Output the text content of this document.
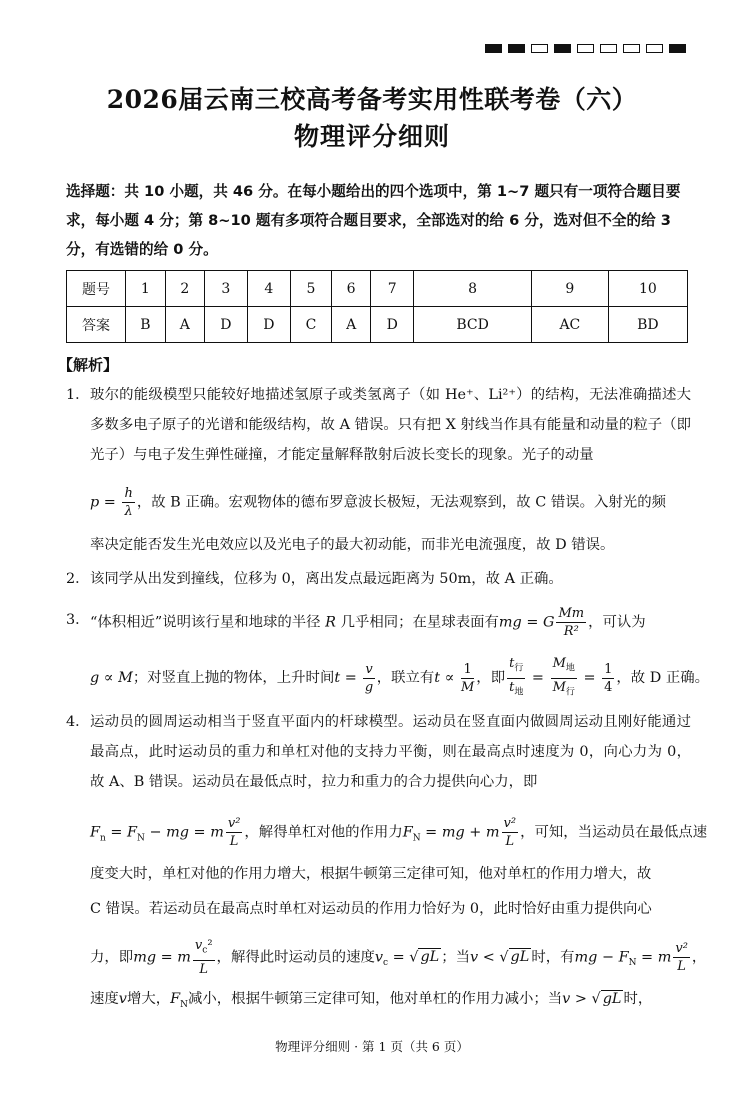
2026届云南三校高考备考实用性联考卷（六）
物理评分细则
选择题：共 10 小题，共 46 分。在每小题给出的四个选项中，第 1~7 题只有一项符合题目要求，每小题 4 分；第 8~10 题有多项符合题目要求，全部选对的给 6 分，选对但不全的给 3 分，有选错的给 0 分。
题号	1	2	3	4	5	6	7	8	9	10
答案	B	A	D	D	C	A	D	BCD	AC	BD
【解析】
1． 玻尔的能级模型只能较好地描述氢原子或类氢离子（如 He⁺、Li²⁺）的结构，无法准确描述大多数多电子原子的光谱和能级结构，故 A 错误。只有把 X 射线当作具有能量和动量的粒子（即光子）与电子发生弹性碰撞，才能定量解释散射后波长变长的现象。光子的动量
$p = \frac{h}{\lambda}$ ，故 B 正确。宏观物体的德布罗意波长极短，无法观察到，故 C 错误。入射光的频
率决定能否发生光电效应以及光电子的最大初动能，而非光电流强度，故 D 错误。
2． 该同学从出发到撞线，位移为 0，离出发点最远距离为 50m，故 A 正确。
3． “体积相近”说明该行星和地球的半径 R 几乎相同；在星球表面有mg = G $\frac{Mm}{\text{R²}}$ ，可认为
g ∝ M；对竖直上抛的物体，上升时间$t = \frac{v}{g}$ ，联立有$t \propto \frac{1}{M}$ ，即 $\frac{t_行}{t_地} = \frac{M_地}{M_行} = \frac{1}{4}$ ，故 D 正确。
4． 运动员的圆周运动相当于竖直平面内的杆球模型。运动员在竖直面内做圆周运动且刚好能通过最高点，此时运动员的重力和单杠对他的支持力平衡，则在最高点时速度为 0，向心力为 0，故 A、B 错误。运动员在最低点时，拉力和重力的合力提供向心力，即
$F_n = F_N$ − mg = m $\frac{\text{v²}}{L}$ ，解得单杠对他的作用力$F_N$ = mg + m $\frac{\text{v²}}{L}$ ，可知，当运动员在最低点速
度变大时，单杠对他的作用力增大，根据牛顿第三定律可知，他对单杠的作用力增大，故
C 错误。若运动员在最高点时单杠对运动员的作用力恰好为 0，此时恰好由重力提供向心
力，即mg = m $\frac{v_c^2}{L}$ ，解得此时运动员的速度$v_c$ = √ gL ；当v < √ gL 时，有mg − $F_N = m \frac{\text{v²}}{L}$ ，
速度v增大，$F_N$减小，根据牛顿第三定律可知，他对单杠的作用力减小；当v > √ gL 时，
物理评分细则 · 第 1 页（共 6 页）
